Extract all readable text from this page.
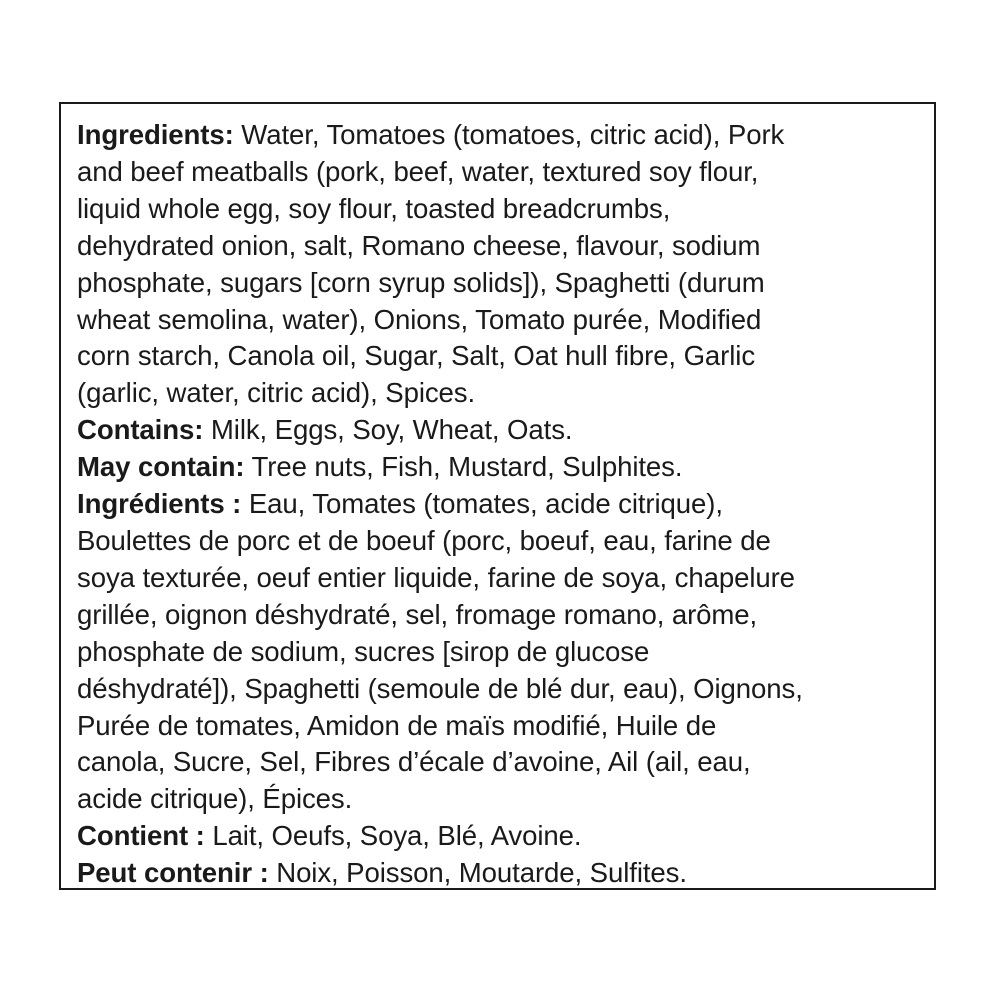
Ingredients: Water, Tomatoes (tomatoes, citric acid), Pork
and beef meatballs (pork, beef, water, textured soy flour,
liquid whole egg, soy flour, toasted breadcrumbs,
dehydrated onion, salt, Romano cheese, flavour, sodium
phosphate, sugars [corn syrup solids]), Spaghetti (durum
wheat semolina, water), Onions, Tomato purée, Modified
corn starch, Canola oil, Sugar, Salt, Oat hull fibre, Garlic
(garlic, water, citric acid), Spices.
Contains: Milk, Eggs, Soy, Wheat, Oats.
May contain: Tree nuts, Fish, Mustard, Sulphites.
Ingrédients : Eau, Tomates (tomates, acide citrique),
Boulettes de porc et de boeuf (porc, boeuf, eau, farine de
soya texturée, oeuf entier liquide, farine de soya, chapelure
grillée, oignon déshydraté, sel, fromage romano, arôme,
phosphate de sodium, sucres [sirop de glucose
déshydraté]), Spaghetti (semoule de blé dur, eau), Oignons,
Purée de tomates, Amidon de maïs modifié, Huile de
canola, Sucre, Sel, Fibres d’écale d’avoine, Ail (ail, eau,
acide citrique), Épices.
Contient : Lait, Oeufs, Soya, Blé, Avoine.
Peut contenir : Noix, Poisson, Moutarde, Sulfites.
